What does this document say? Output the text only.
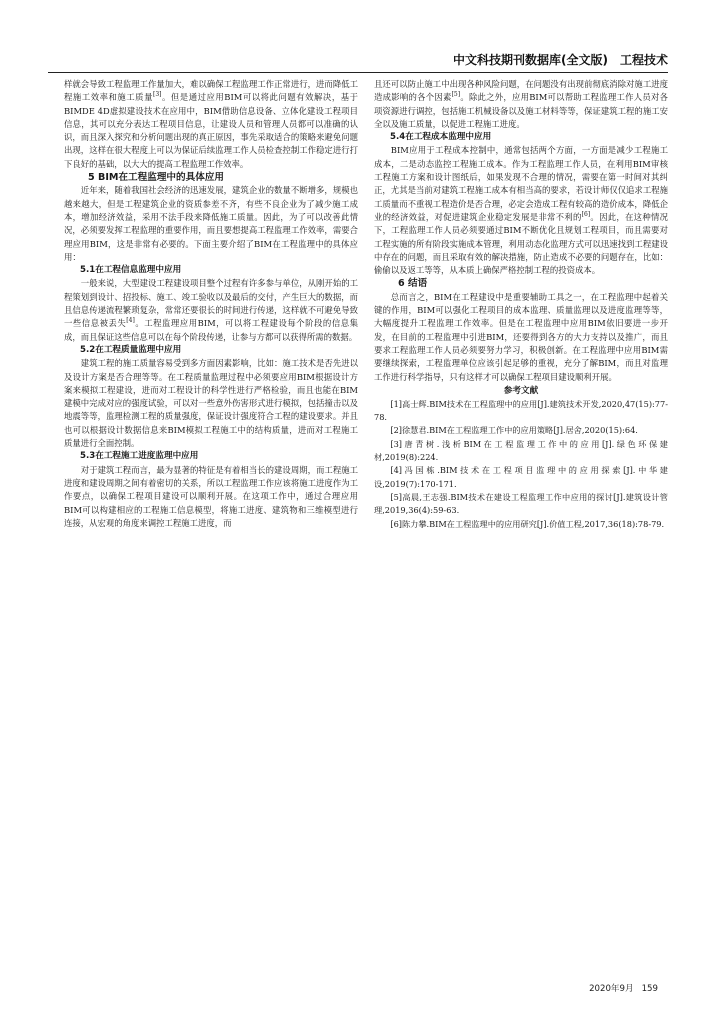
中文科技期刊数据库(全文版) 工程技术

样就会导致工程监理工作量加大，难以确保工程监理工作正常进行，进而降低工程施工效率和施工质量[3]。但是通过应用BIM可以将此问题有效解决，基于BIMDE 4D虚拟建设技术在应用中，BIM借助信息设备、立体化建设工程项目信息，其可以充分表达工程项目信息，让建设人员和管理人员都可以准确的认识，而且深入探究和分析问题出现的真正原因，事先采取适合的策略来避免问题出现，这样在很大程度上可以为保证后续监理工作人员检查控制工作稳定进行打下良好的基础，以大大的提高工程监理工作效率。

5 BIM在工程监理中的具体应用

近年来，随着我国社会经济的迅速发展，建筑企业的数量不断增多，规模也越来越大，但是工程建筑企业的资质参差不齐，有些不良企业为了减少施工成本，增加经济效益，采用不法手段来降低施工质量。因此，为了可以改善此情况，必须要发挥工程监理的重要作用，而且要想提高工程监理工作效率，需要合理应用BIM，这是非常有必要的。下面主要介绍了BIM在工程监理中的具体应用：

5.1在工程信息监理中应用

一般来说，大型建设工程建设项目整个过程有许多参与单位，从刚开始的工程策划到设计、招投标、施工、竣工验收以及最后的交付，产生巨大的数据，而且信息传递流程繁琐复杂，常常还要很长的时间进行传递，这样就不可避免导致一些信息被丢失[4]。工程监理应用BIM，可以将工程建设每个阶段的信息集成，而且保证这些信息可以在每个阶段传递，让参与方都可以获得所需的数据。

5.2在工程质量监理中应用

建筑工程的施工质量容易受到多方面因素影响，比如：施工技术是否先进以及设计方案是否合理等等。在工程质量监理过程中必须要应用BIM根据设计方案来模拟工程建设，进而对工程设计的科学性进行严格检验，而且也能在BIM建模中完成对应的强度试验，可以对一些意外伤害形式进行模拟，包括撞击以及地震等等，监理检测工程的质量强度，保证设计强度符合工程的建设要求。并且也可以根据设计数据信息来BIM模拟工程施工中的结构质量，进而对工程施工质量进行全面控制。

5.3在工程施工进度监理中应用

对于建筑工程而言，最为显著的特征是有着相当长的建设周期，而工程施工进度和建设周期之间有着密切的关系，所以工程监理工作应该将施工进度作为工作要点，以确保工程项目建设可以顺利开展。在这项工作中，通过合理应用BIM可以构建相应的工程施工信息模型，将施工进度、建筑物和三维模型进行连接，从宏观的角度来调控工程施工进度，而

且还可以防止施工中出现各种风险问题，在问题没有出现前彻底消除对施工进度造成影响的各个因素[5]。除此之外，应用BIM可以帮助工程监理工作人员对各项资源进行调控，包括施工机械设备以及施工材料等等，保证建筑工程的施工安全以及施工质量，以促进工程施工进度。

5.4在工程成本监理中应用

BIM应用于工程成本控制中，通常包括两个方面，一方面是减少工程施工成本，二是动态监控工程施工成本。作为工程监理工作人员，在利用BIM审核工程施工方案和设计图纸后，如果发现不合理的情况，需要在第一时间对其纠正，尤其是当前对建筑工程施工成本有相当高的要求，若设计师仅仅追求工程施工质量而不重视工程造价是否合理，必定会造成工程有较高的造价成本，降低企业的经济效益，对促进建筑企业稳定发展是非常不利的[6]。因此，在这种情况下，工程监理工作人员必须要通过BIM不断优化且规划工程项目，而且需要对工程实施的所有阶段实施成本管理，利用动态化监理方式可以迅速找到工程建设中存在的问题，而且采取有效的解决措施，防止造成不必要的问题存在，比如：偷偷以及返工等等，从本质上确保严格控制工程的投资成本。

6 结语

总而言之，BIM在工程建设中是重要辅助工具之一，在工程监理中起着关键的作用，BIM可以强化工程项目的成本监理、质量监理以及进度监理等等，大幅度提升工程监理工作效率。但是在工程监理中应用BIM依旧要进一步开发，在目前的工程监理中引进BIM，还要得到各方的大力支持以及推广，而且要求工程监理工作人员必须要努力学习，积极创新。在工程监理中应用BIM需要继续探索，工程监理单位应该引起足够的重视，充分了解BIM，而且对监理工作进行科学指导，只有这样才可以确保工程项目建设顺利开展。

参考文献

[1]高士辉.BIM技术在工程监理中的应用[J].建筑技术开发,2020,47(15):77-78.

[2]徐慧君.BIM在工程监理工作中的应用策略[J].居舍,2020(15):64.

[3]唐青树.浅析BIM在工程监理工作中的应用[J].绿色环保建材,2019(8):224.

[4]冯国栋.BIM技术在工程项目监理中的应用探索[J].中华建设,2019(7):170-171.

[5]高晨,王志强.BIM技术在建设工程监理工作中应用的探讨[J].建筑设计管理,2019,36(4):59-63.

[6]陈力攀.BIM在工程监理中的应用研究[J].价值工程,2017,36(18):78-79.

2020年9月 159
